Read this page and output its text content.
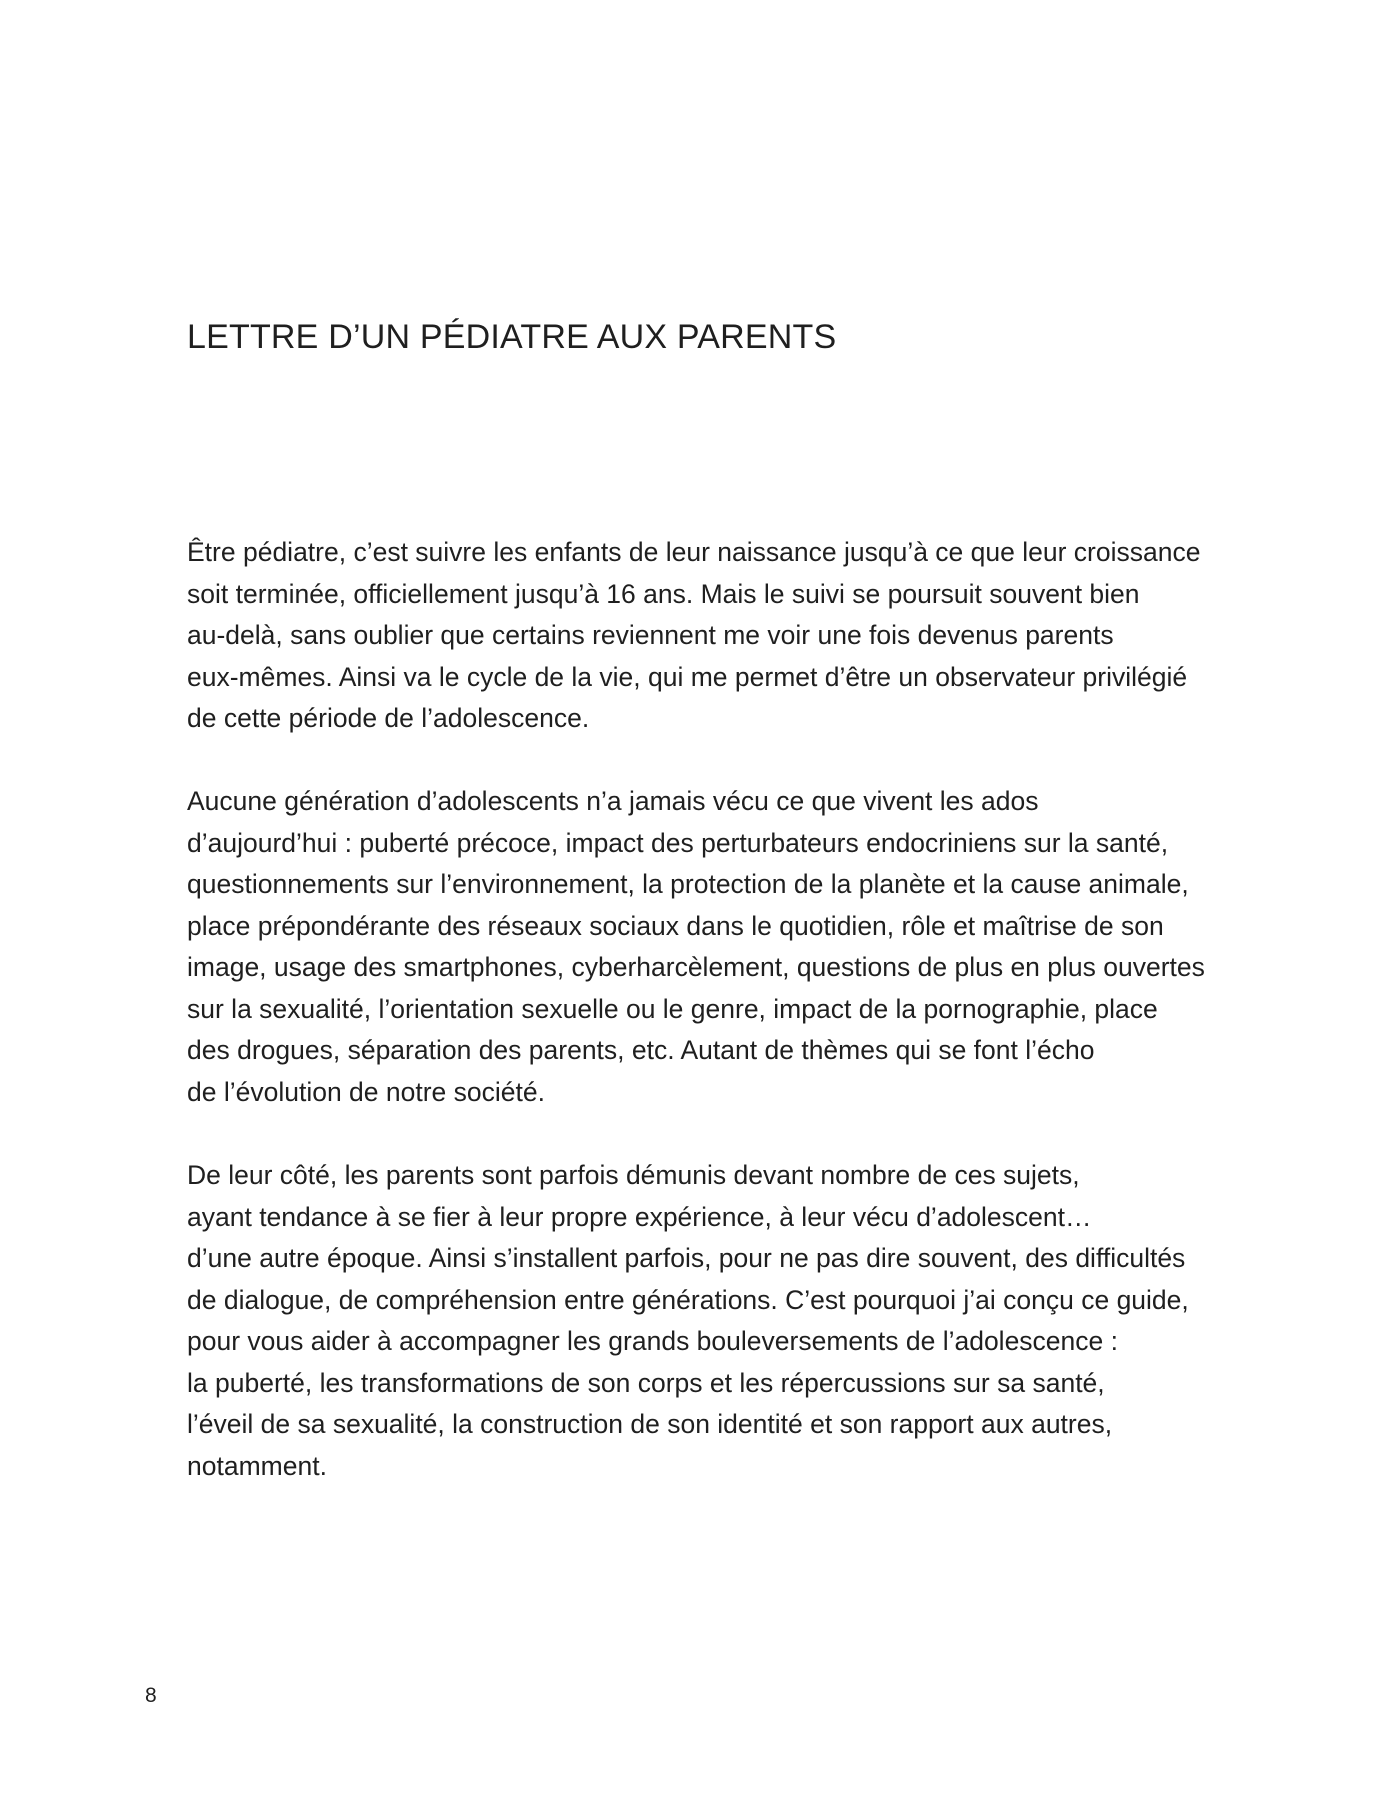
LETTRE D’UN PÉDIATRE AUX PARENTS

Être pédiatre, c’est suivre les enfants de leur naissance jusqu’à ce que leur croissance
soit terminée, officiellement jusqu’à 16 ans. Mais le suivi se poursuit souvent bien
au-delà, sans oublier que certains reviennent me voir une fois devenus parents
eux-mêmes. Ainsi va le cycle de la vie, qui me permet d’être un observateur privilégié
de cette période de l’adolescence.

Aucune génération d’adolescents n’a jamais vécu ce que vivent les ados
d’aujourd’hui : puberté précoce, impact des perturbateurs endocriniens sur la santé,
questionnements sur l’environnement, la protection de la planète et la cause animale,
place prépondérante des réseaux sociaux dans le quotidien, rôle et maîtrise de son
image, usage des smartphones, cyberharcèlement, questions de plus en plus ouvertes
sur la sexualité, l’orientation sexuelle ou le genre, impact de la pornographie, place
des drogues, séparation des parents, etc. Autant de thèmes qui se font l’écho
de l’évolution de notre société.

De leur côté, les parents sont parfois démunis devant nombre de ces sujets,
ayant tendance à se fier à leur propre expérience, à leur vécu d’adolescent…
d’une autre époque. Ainsi s’installent parfois, pour ne pas dire souvent, des difficultés
de dialogue, de compréhension entre générations. C’est pourquoi j’ai conçu ce guide,
pour vous aider à accompagner les grands bouleversements de l’adolescence :
la puberté, les transformations de son corps et les répercussions sur sa santé,
l’éveil de sa sexualité, la construction de son identité et son rapport aux autres,
notamment.

8
